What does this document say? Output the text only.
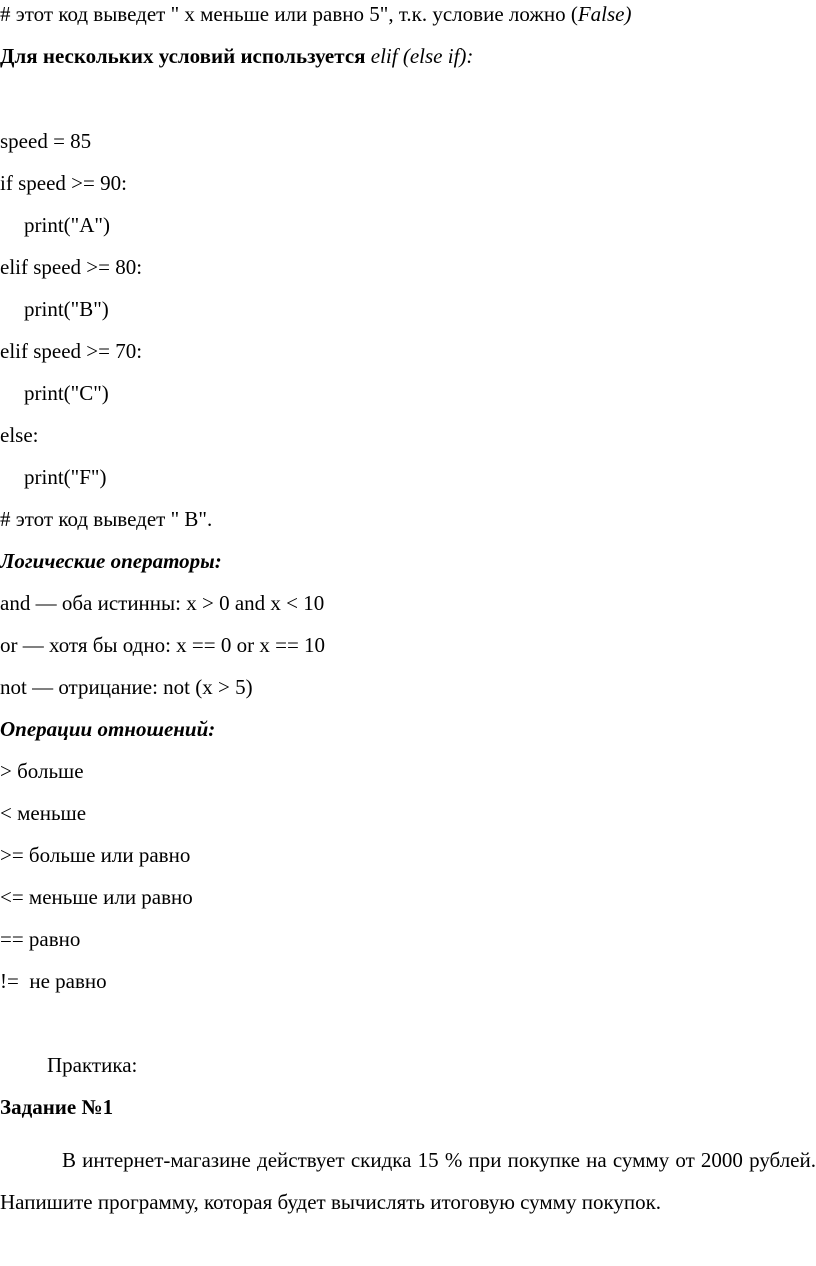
# этот код выведет " x меньше или равно 5", т.к. условие ложно (False)
Для нескольких условий используется elif (else if):
speed = 85
if speed >= 90:
print("A")
elif speed >= 80:
print("B")
elif speed >= 70:
print("C")
else:
print("F")
# этот код выведет " B".
Логические операторы:
and — оба истинны: x > 0 and x < 10
or — хотя бы одно: x == 0 or x == 10
not — отрицание: not (x > 5)
Операции отношений:
> больше
< меньше
>= больше или равно
<= меньше или равно
== равно
!=  не равно
Практика:
Задание №1
В интернет-магазине действует скидка 15 % при покупке на сумму от 2000 рублей. Напишите программу, которая будет вычислять итоговую сумму покупок.
